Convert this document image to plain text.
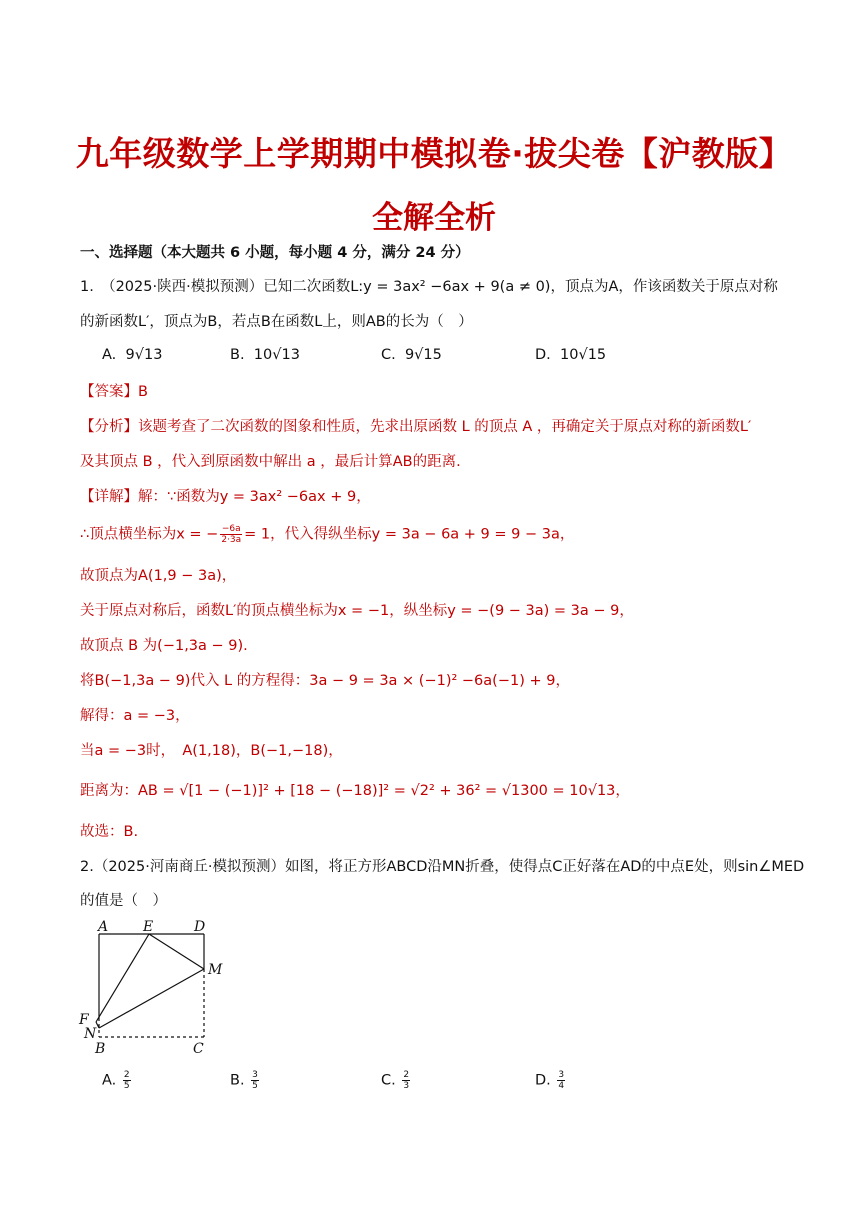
九年级数学上学期期中模拟卷·拔尖卷【沪教版】
全解全析
一、选择题（本大题共 6 小题，每小题 4 分，满分 24 分）
1.　（2025·陕西·模拟预测）已知二次函数L:y = 3ax² −6ax + 9(a ≠ 0)，顶点为A，作该函数关于原点对称
的新函数L′，顶点为B，若点B在函数L上，则AB的长为（　）
A. 9√13	B. 10√13	C. 9√15	D. 10√15
【答案】B
【分析】该题考查了二次函数的图象和性质，先求出原函数 L 的顶点 A ，再确定关于原点对称的新函数L′
及其顶点 B ，代入到原函数中解出 a ，最后计算AB的距离.
【详解】解：∵函数为y = 3ax² −6ax + 9，
∴顶点横坐标为x = − $\frac{-6a}{2\cdot 3a} = 1$，代入得纵坐标y = 3a − 6a + 9 = 9 − 3a，
故顶点为A(1,9 − 3a)，
关于原点对称后，函数L′的顶点横坐标为x = −1，纵坐标y = −(9 − 3a) = 3a − 9，
故顶点 B 为(−1,3a − 9).
将B(−1,3a − 9)代入 L 的方程得：3a − 9 = 3a × (−1)² −6a(−1) + 9，
解得：a = −3，
当a = −3时，　A(1,18)，B(−1,−18)，
距离为：AB = √[1 − (−1)]² + [18 − (−18)]² = √2² + 36² = √1300 = 10√13，
故选：B.
2.（2025·河南商丘·模拟预测）如图，将正方形ABCD沿MN折叠，使得点C正好落在AD的中点E处，则sin∠MED
的值是（　）
A E	D
M
F
N
B	C
A. $\frac{2}{5}$	B. $\frac{3}{5}$	C. $\frac{2}{3}$	D. $\frac{3}{4}$
